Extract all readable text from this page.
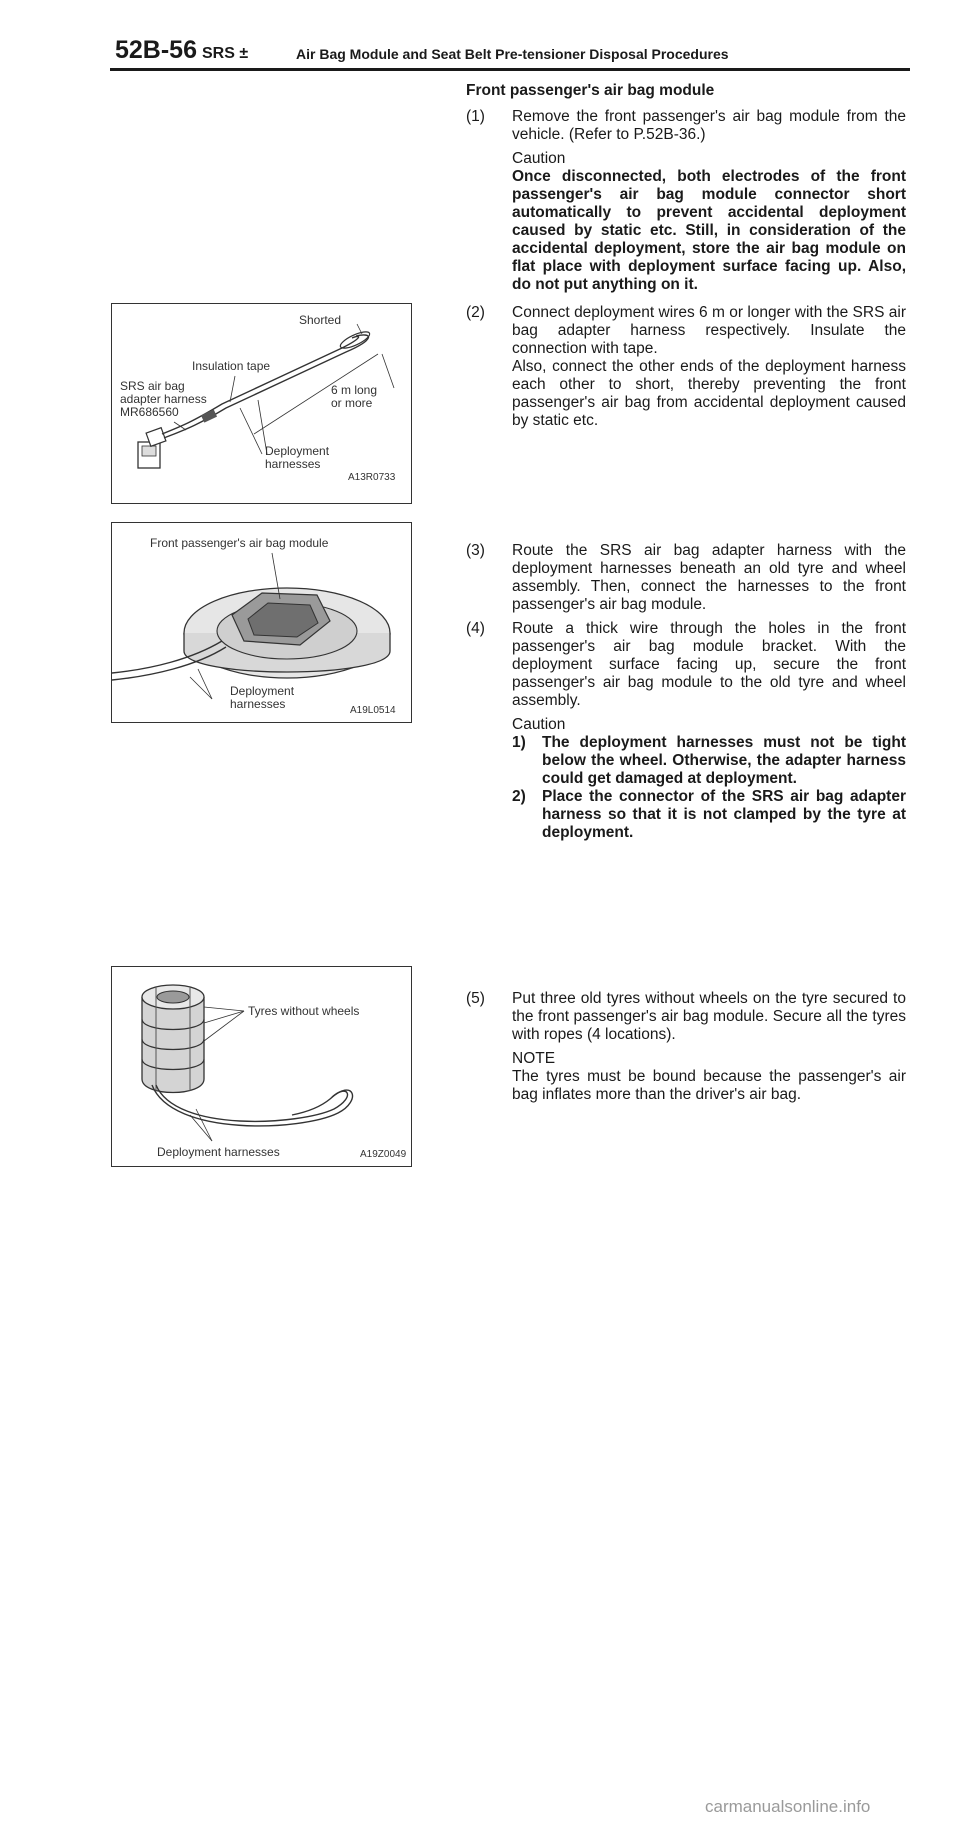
52B-56 SRS ±	Air Bag Module and Seat Belt Pre-tensioner Disposal Procedures
Front passenger's air bag module
(1) Remove the front passenger's air bag module from the vehicle. (Refer to P.52B-36.)
Caution
Once disconnected, both electrodes of the front passenger's air bag module connector short automatically to prevent accidental deployment caused by static etc. Still, in consideration of the accidental deployment, store the air bag module on flat place with deployment surface facing up. Also, do not put anything on it.
(2) Connect deployment wires 6 m or longer with the SRS air bag adapter harness respectively. Insulate the connection with tape.
Also, connect the other ends of the deployment harness each other to short, thereby preventing the front passenger's air bag from accidental deployment caused by static etc.
(3) Route the SRS air bag adapter harness with the deployment harnesses beneath an old tyre and wheel assembly. Then, connect the harnesses to the front passenger's air bag module.
(4) Route a thick wire through the holes in the front passenger's air bag module bracket. With the deployment surface facing up, secure the front passenger's air bag module to the old tyre and wheel assembly.
Caution
1) The deployment harnesses must not be tight below the wheel. Otherwise, the adapter harness could get damaged at deployment.
2) Place the connector of the SRS air bag adapter harness so that it is not clamped by the tyre at deployment.
(5) Put three old tyres without wheels on the tyre secured to the front passenger's air bag module. Secure all the tyres with ropes (4 locations).
NOTE
The tyres must be bound because the passenger's air bag inflates more than the driver's air bag.
Shorted
Insulation tape
SRS air bag
adapter harness
MR686560
6 m long
or more
Deployment
harnesses
A13R0733
Front passenger's air bag module
Deployment
harnesses	A19L0514
Tyres without wheels
Deployment harnesses	A19Z0049
carmanualsonline.info
